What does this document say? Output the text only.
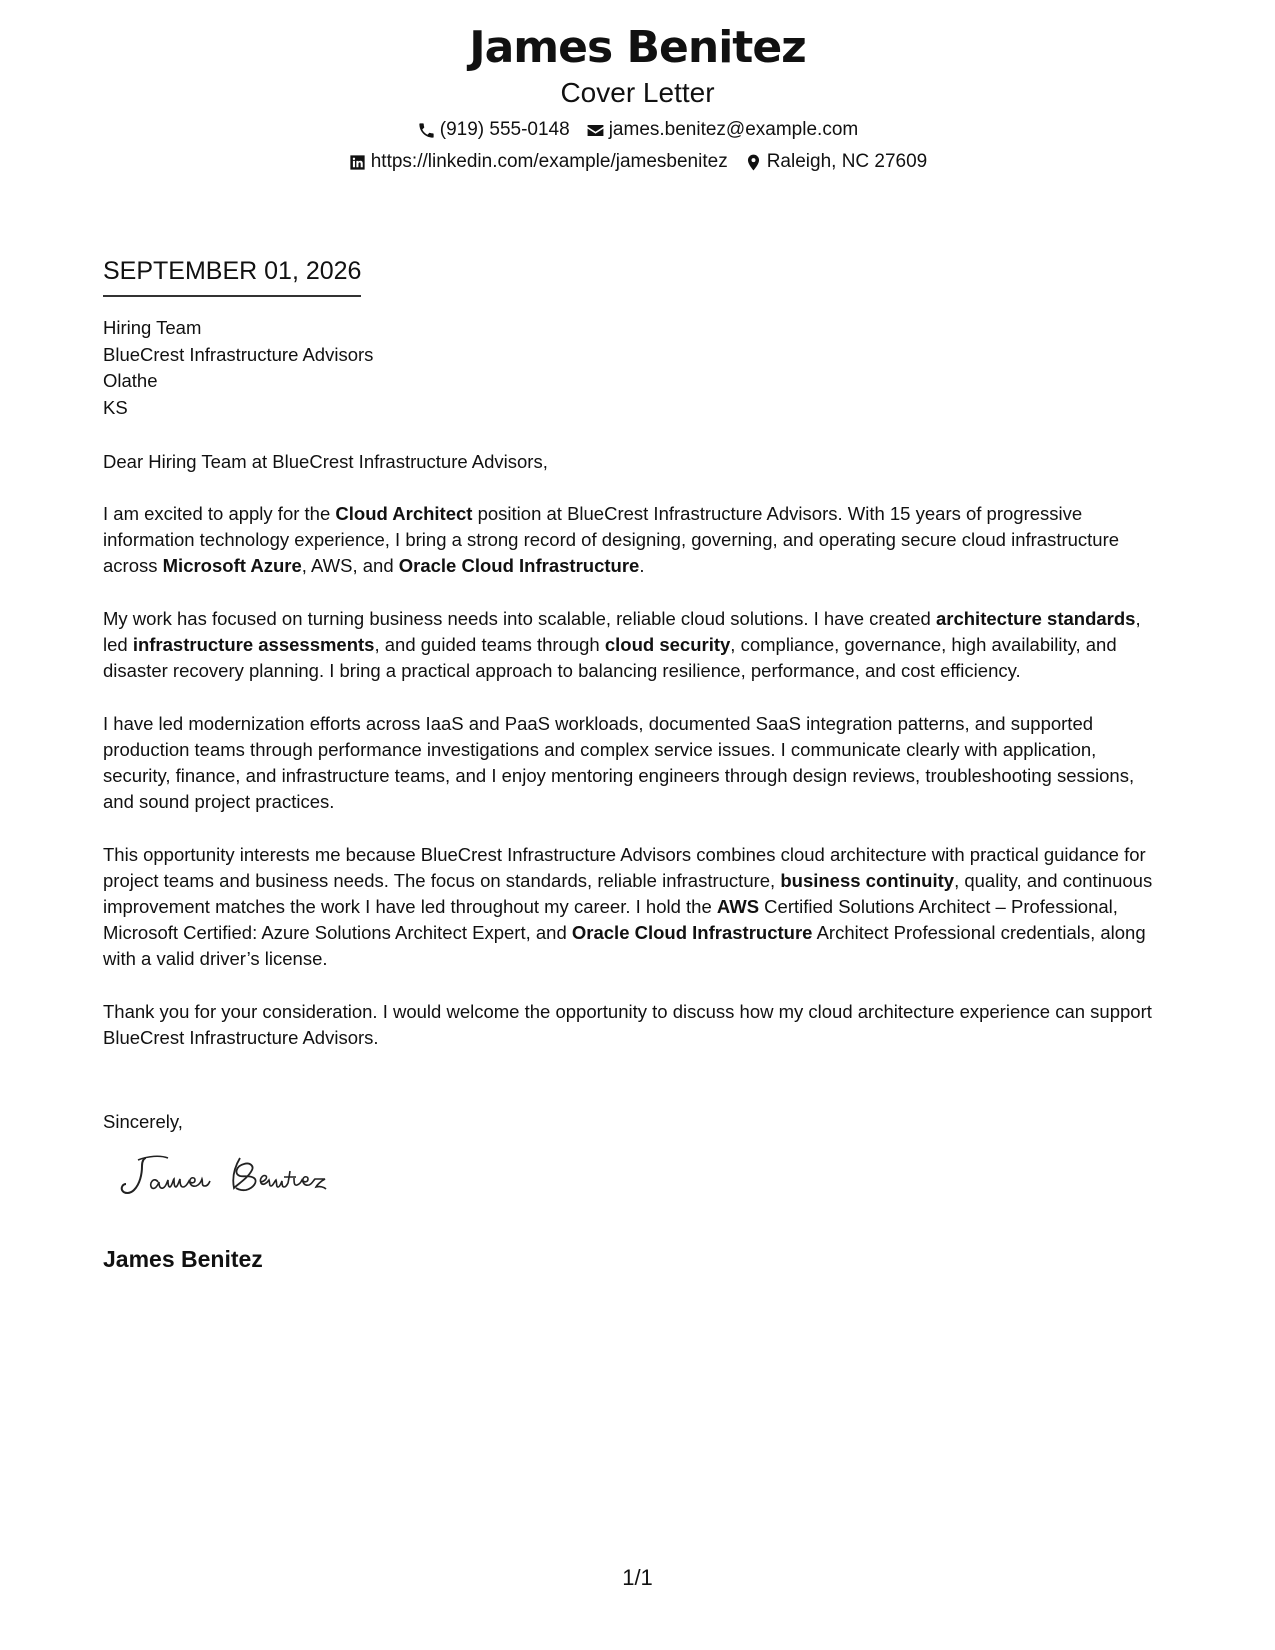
James Benitez
Cover Letter
(919) 555-0148 james.benitez@example.com
https://linkedin.com/example/jamesbenitez Raleigh, NC 27609
SEPTEMBER 01, 2026
Hiring Team
BlueCrest Infrastructure Advisors
Olathe
KS
Dear Hiring Team at BlueCrest Infrastructure Advisors,

I am excited to apply for the Cloud Architect position at BlueCrest Infrastructure Advisors. With 15 years of progressive information technology experience, I bring a strong record of designing, governing, and operating secure cloud infrastructure across Microsoft Azure, AWS, and Oracle Cloud Infrastructure.

My work has focused on turning business needs into scalable, reliable cloud solutions. I have created architecture standards, led infrastructure assessments, and guided teams through cloud security, compliance, governance, high availability, and disaster recovery planning. I bring a practical approach to balancing resilience, performance, and cost efficiency.

I have led modernization efforts across IaaS and PaaS workloads, documented SaaS integration patterns, and supported production teams through performance investigations and complex service issues. I communicate clearly with application, security, finance, and infrastructure teams, and I enjoy mentoring engineers through design reviews, troubleshooting sessions, and sound project practices.

This opportunity interests me because BlueCrest Infrastructure Advisors combines cloud architecture with practical guidance for project teams and business needs. The focus on standards, reliable infrastructure, business continuity, quality, and continuous improvement matches the work I have led throughout my career. I hold the AWS Certified Solutions Architect – Professional, Microsoft Certified: Azure Solutions Architect Expert, and Oracle Cloud Infrastructure Architect Professional credentials, along with a valid driver’s license.

Thank you for your consideration. I would welcome the opportunity to discuss how my cloud architecture experience can support BlueCrest Infrastructure Advisors.

Sincerely,
James Benitez
1/1
